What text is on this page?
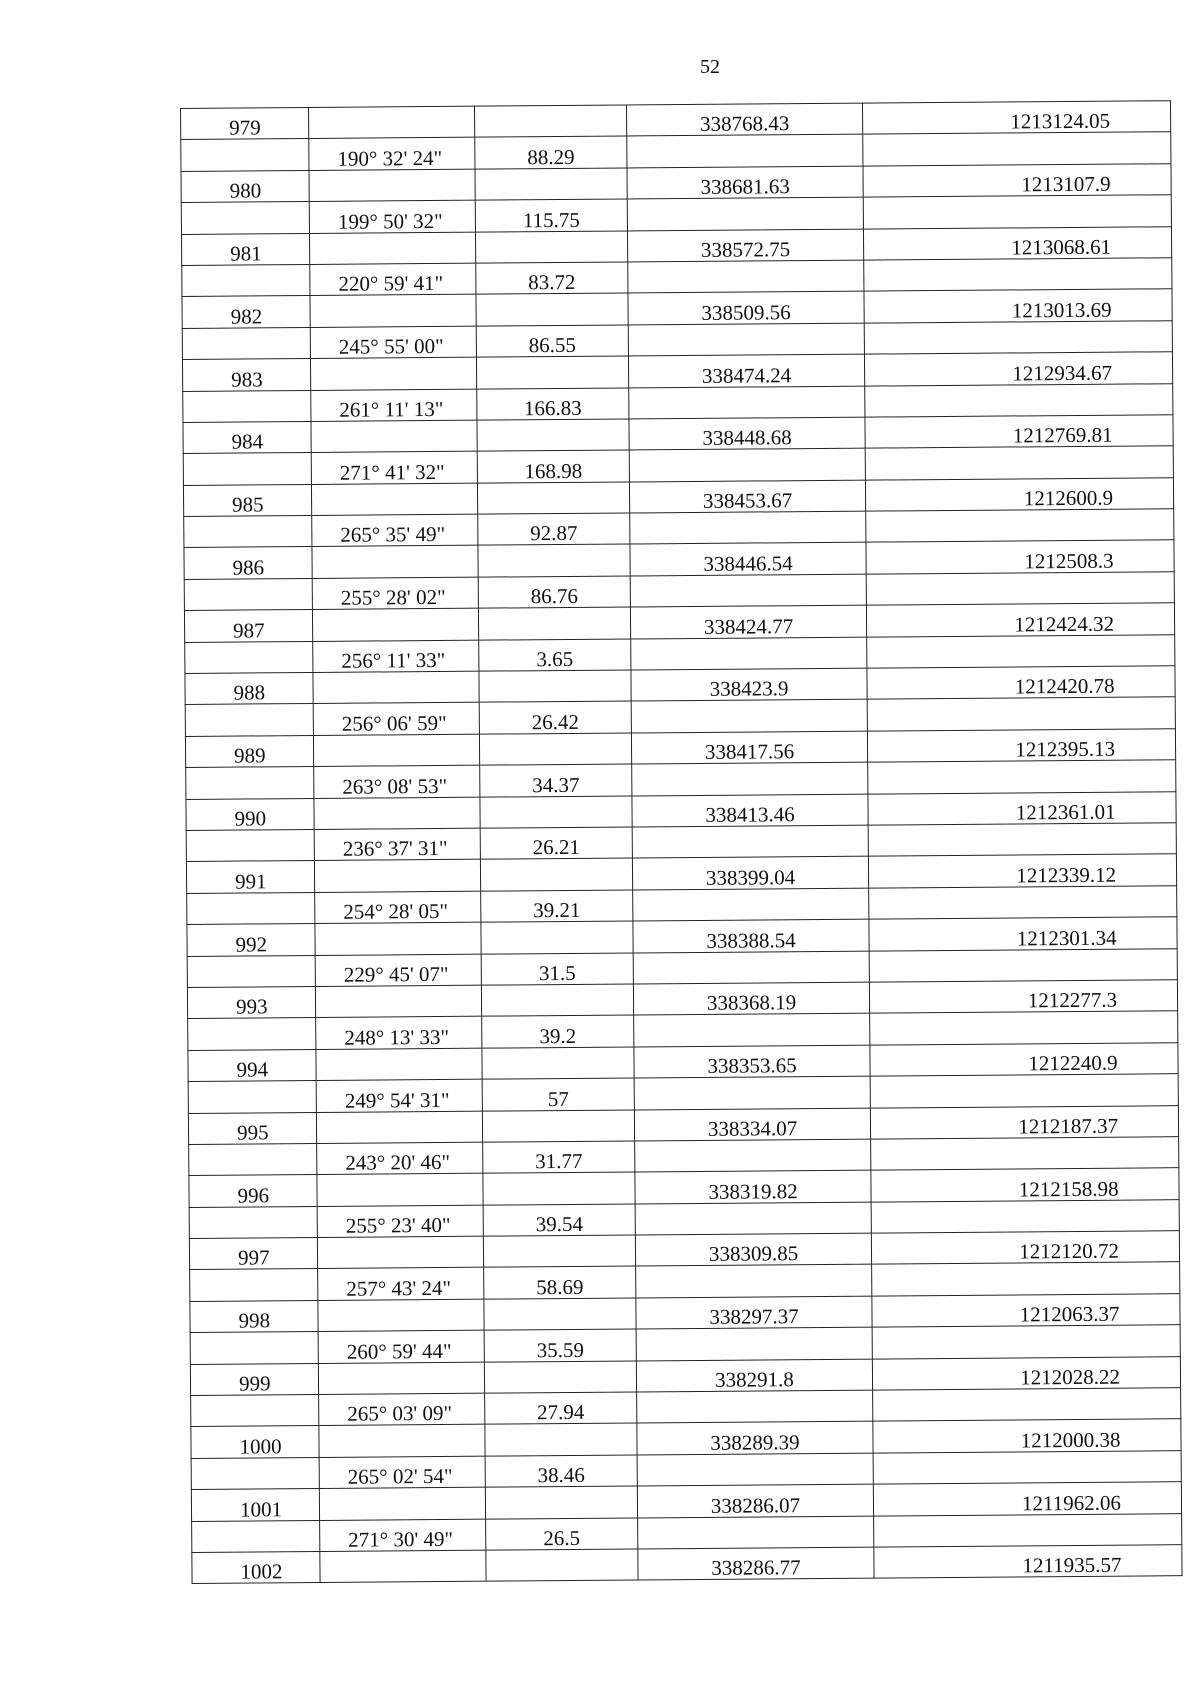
52
979			338768.43	1213124.05
	190° 32' 24"	88.29		
980			338681.63	1213107.9
	199° 50' 32"	115.75		
981			338572.75	1213068.61
	220° 59' 41"	83.72		
982			338509.56	1213013.69
	245° 55' 00"	86.55		
983			338474.24	1212934.67
	261° 11' 13"	166.83		
984			338448.68	1212769.81
	271° 41' 32"	168.98		
985			338453.67	1212600.9
	265° 35' 49"	92.87		
986			338446.54	1212508.3
	255° 28' 02"	86.76		
987			338424.77	1212424.32
	256° 11' 33"	3.65		
988			338423.9	1212420.78
	256° 06' 59"	26.42		
989			338417.56	1212395.13
	263° 08' 53"	34.37		
990			338413.46	1212361.01
	236° 37' 31"	26.21		
991			338399.04	1212339.12
	254° 28' 05"	39.21		
992			338388.54	1212301.34
	229° 45' 07"	31.5		
993			338368.19	1212277.3
	248° 13' 33"	39.2		
994			338353.65	1212240.9
	249° 54' 31"	57		
995			338334.07	1212187.37
	243° 20' 46"	31.77		
996			338319.82	1212158.98
	255° 23' 40"	39.54		
997			338309.85	1212120.72
	257° 43' 24"	58.69		
998			338297.37	1212063.37
	260° 59' 44"	35.59		
999			338291.8	1212028.22
	265° 03' 09"	27.94		
1000			338289.39	1212000.38
	265° 02' 54"	38.46		
1001			338286.07	1211962.06
	271° 30' 49"	26.5		
1002			338286.77	1211935.57
